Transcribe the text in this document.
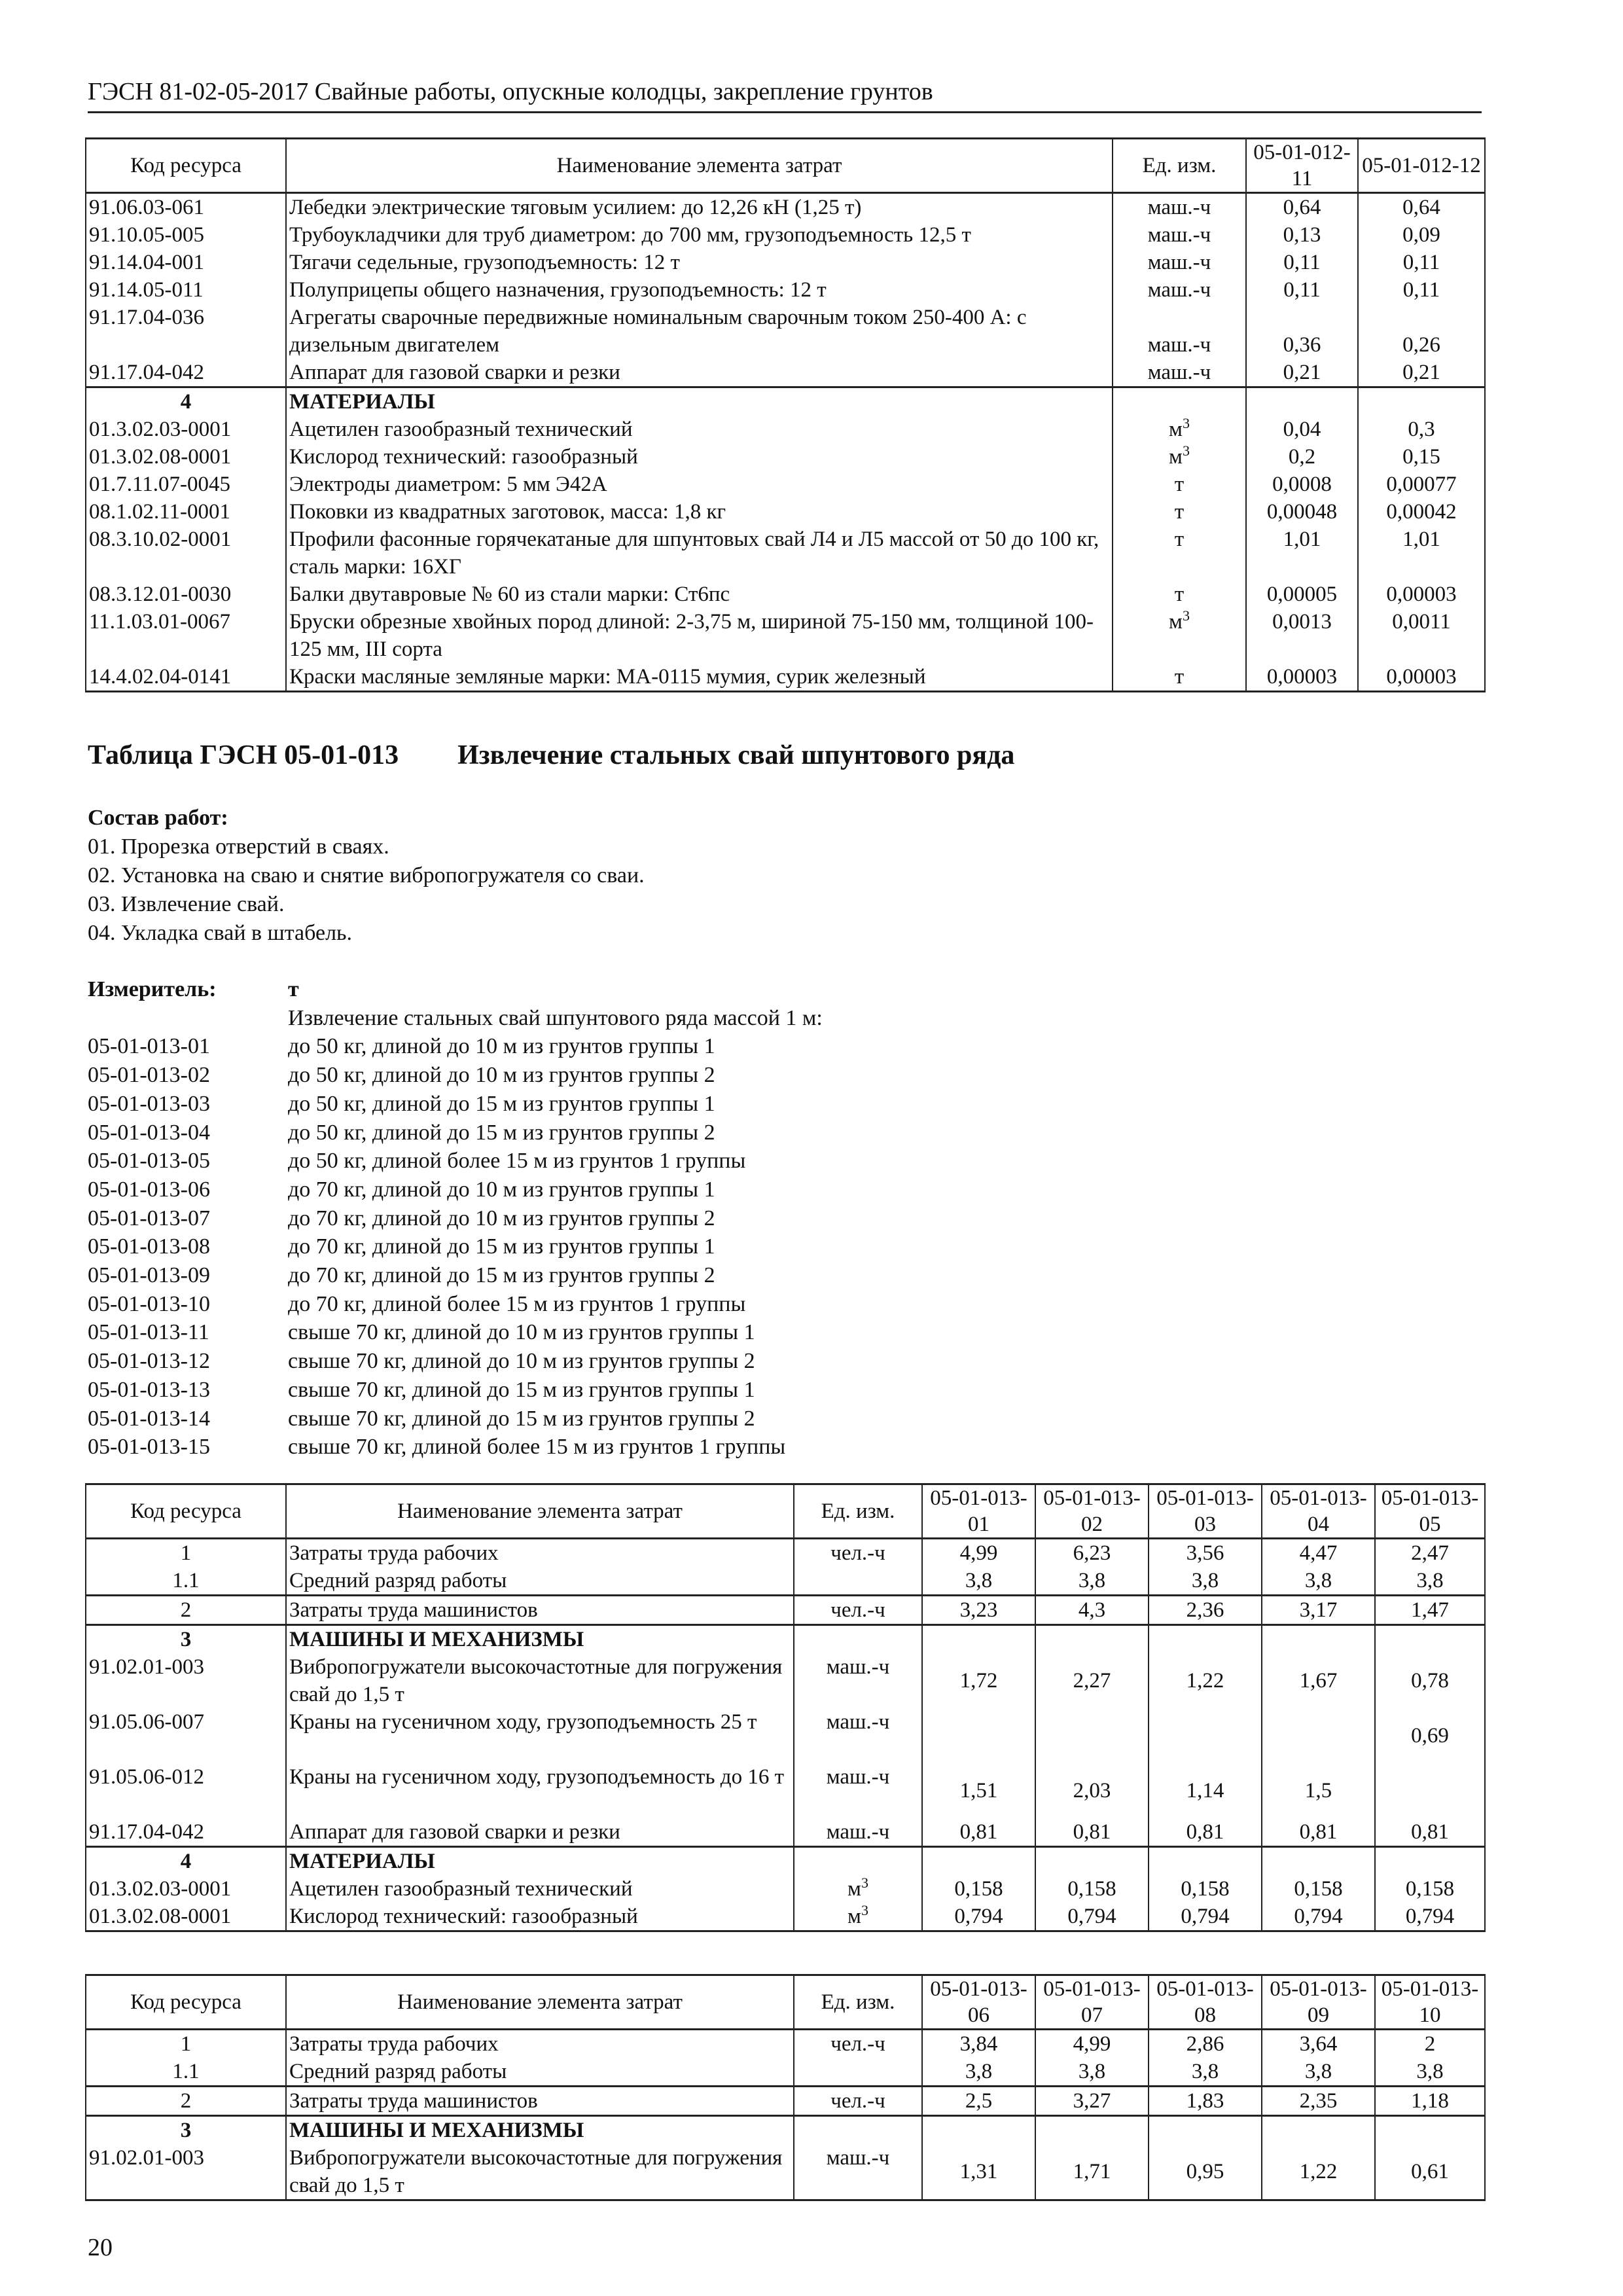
ГЭСН 81-02-05-2017 Свайные работы, опускные колодцы, закрепление грунтов
Код ресурса	Наименование элемента затрат	Ед. изм.	05-01-012-11	05-01-012-12
91.06.03-061	Лебедки электрические тяговым усилием: до 12,26 кН (1,25 т)	маш.-ч	0,64	0,64
91.10.05-005	Трубоукладчики для труб диаметром: до 700 мм, грузоподъемность 12,5 т	маш.-ч	0,13	0,09
91.14.04-001	Тягачи седельные, грузоподъемность: 12 т	маш.-ч	0,11	0,11
91.14.05-011	Полуприцепы общего назначения, грузоподъемность: 12 т	маш.-ч	0,11	0,11
91.17.04-036	Агрегаты сварочные передвижные номинальным сварочным током 250-400 А: с дизельным двигателем	маш.-ч	0,36	0,26
91.17.04-042	Аппарат для газовой сварки и резки	маш.-ч	0,21	0,21
4	МАТЕРИАЛЫ			
01.3.02.03-0001	Ацетилен газообразный технический	$м^3$	0,04	0,3
01.3.02.08-0001	Кислород технический: газообразный	$м^3$	0,2	0,15
01.7.11.07-0045	Электроды диаметром: 5 мм Э42А	т	0,0008	0,00077
08.1.02.11-0001	Поковки из квадратных заготовок, масса: 1,8 кг	т	0,00048	0,00042
08.3.10.02-0001	Профили фасонные горячекатаные для шпунтовых свай Л4 и Л5 массой от 50 до 100 кг, сталь марки: 16ХГ	т	1,01	1,01
08.3.12.01-0030	Балки двутавровые № 60 из стали марки: Ст6пс	т	0,00005	0,00003
11.1.03.01-0067	Бруски обрезные хвойных пород длиной: 2-3,75 м, шириной 75-150 мм, толщиной 100-125 мм, III сорта	$м^3$	0,0013	0,0011
14.4.02.04-0141	Краски масляные земляные марки: МА-0115 мумия, сурик железный	т	0,00003	0,00003
Таблица ГЭСН 05-01-013 Извлечение стальных свай шпунтового ряда
Состав работ:
01. Прорезка отверстий в сваях.
02. Установка на сваю и снятие вибропогружателя со сваи.
03. Извлечение свай.
04. Укладка свай в штабель.
Измеритель:	т
Извлечение стальных свай шпунтового ряда массой 1 м:
05-01-013-01	до 50 кг, длиной до 10 м из грунтов группы 1
05-01-013-02	до 50 кг, длиной до 10 м из грунтов группы 2
05-01-013-03	до 50 кг, длиной до 15 м из грунтов группы 1
05-01-013-04	до 50 кг, длиной до 15 м из грунтов группы 2
05-01-013-05	до 50 кг, длиной более 15 м из грунтов 1 группы
05-01-013-06	до 70 кг, длиной до 10 м из грунтов группы 1
05-01-013-07	до 70 кг, длиной до 10 м из грунтов группы 2
05-01-013-08	до 70 кг, длиной до 15 м из грунтов группы 1
05-01-013-09	до 70 кг, длиной до 15 м из грунтов группы 2
05-01-013-10	до 70 кг, длиной более 15 м из грунтов 1 группы
05-01-013-11	свыше 70 кг, длиной до 10 м из грунтов группы 1
05-01-013-12	свыше 70 кг, длиной до 10 м из грунтов группы 2
05-01-013-13	свыше 70 кг, длиной до 15 м из грунтов группы 1
05-01-013-14	свыше 70 кг, длиной до 15 м из грунтов группы 2
05-01-013-15	свыше 70 кг, длиной более 15 м из грунтов 1 группы
Код ресурса	Наименование элемента затрат	Ед. изм.	05-01-013-01	05-01-013-02	05-01-013-03	05-01-013-04	05-01-013-05
1	Затраты труда рабочих	чел.-ч	4,99	6,23	3,56	4,47	2,47
1.1	Средний разряд работы		3,8	3,8	3,8	3,8	3,8
2	Затраты труда машинистов	чел.-ч	3,23	4,3	2,36	3,17	1,47
3	МАШИНЫ И МЕХАНИЗМЫ						
91.02.01-003	Вибропогружатели высокочастотные для погружения свай до 1,5 т	маш.-ч	1,72	2,27	1,22	1,67	0,78
91.05.06-007	Краны на гусеничном ходу, грузоподъемность 25 т	маш.-ч					0,69
91.05.06-012	Краны на гусеничном ходу, грузоподъемность до 16 т	маш.-ч	1,51	2,03	1,14	1,5	
91.17.04-042	Аппарат для газовой сварки и резки	маш.-ч	0,81	0,81	0,81	0,81	0,81
4	МАТЕРИАЛЫ						
01.3.02.03-0001	Ацетилен газообразный технический	$м^3$	0,158	0,158	0,158	0,158	0,158
01.3.02.08-0001	Кислород технический: газообразный	$м^3$	0,794	0,794	0,794	0,794	0,794
Код ресурса	Наименование элемента затрат	Ед. изм.	05-01-013-06	05-01-013-07	05-01-013-08	05-01-013-09	05-01-013-10
1	Затраты труда рабочих	чел.-ч	3,84	4,99	2,86	3,64	2
1.1	Средний разряд работы		3,8	3,8	3,8	3,8	3,8
2	Затраты труда машинистов	чел.-ч	2,5	3,27	1,83	2,35	1,18
3	МАШИНЫ И МЕХАНИЗМЫ						
91.02.01-003	Вибропогружатели высокочастотные для погружения свай до 1,5 т	маш.-ч	1,31	1,71	0,95	1,22	0,61
20
